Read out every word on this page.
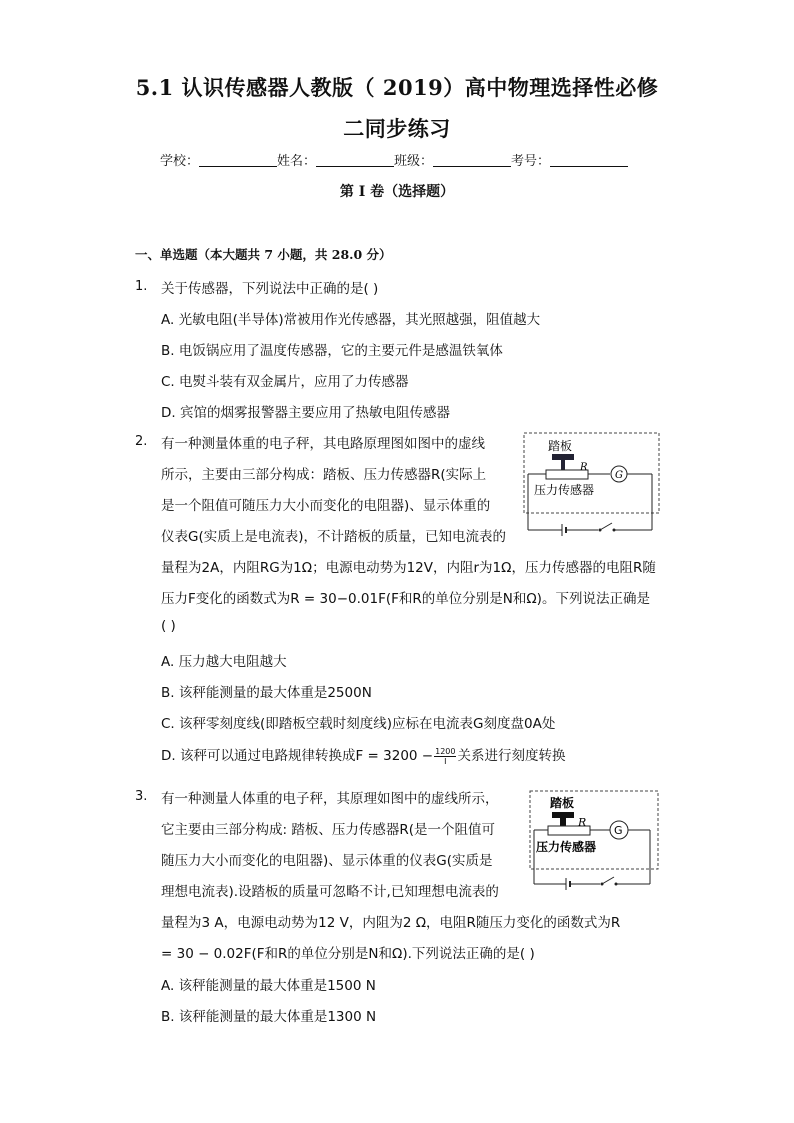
5.1 认识传感器人教版（ 2019）高中物理选择性必修
二同步练习
学校：	姓名：	班级：	考号：
第 I 卷（选择题）
一、单选题（本大题共 7 小题，共 28.0 分）
1. 关于传感器，下列说法中正确的是( )
A. 光敏电阻(半导体)常被用作光传感器，其光照越强，阻值越大
B. 电饭锅应用了温度传感器，它的主要元件是感温铁氧体
C. 电熨斗装有双金属片，应用了力传感器
D. 宾馆的烟雾报警器主要应用了热敏电阻传感器
2. 有一种测量体重的电子秤，其电路原理图如图中的虚线
所示，主要由三部分构成：踏板、压力传感器R(实际上
是一个阻值可随压力大小而变化的电阻器)、显示体重的
仪表G(实质上是电流表)，不计踏板的质量，已知电流表的
量程为2A，内阻RG为1Ω；电源电动势为12V，内阻r为1Ω，压力传感器的电阻R随
压力F变化的函数式为R = 30−0.01F(F和R的单位分别是N和Ω)。下列说法正确是
( )
A. 压力越大电阻越大
B. 该秤能测量的最大体重是2500N
C. 该秤零刻度线(即踏板空载时刻度线)应标在电流表G刻度盘0A处
D. 该秤可以通过电路规律转换成$F = 3200 - \frac{1200}{I}$ 关系进行刻度转换
踏板
R
G
压力传感器
3. 有一种测量人体重的电子秤，其原理如图中的虚线所示，
它主要由三部分构成: 踏板、压力传感器R(是一个阻值可
随压力大小而变化的电阻器)、显示体重的仪表G(实质是
理想电流表).设踏板的质量可忽略不计,已知理想电流表的
量程为3 A，电源电动势为12 V，内阻为2 Ω，电阻R随压力变化的函数式为R
= 30 − 0.02F(F和R的单位分别是N和Ω).下列说法正确的是( )
A. 该秤能测量的最大体重是1500 N
B. 该秤能测量的最大体重是1300 N
踏板
R
G
压力传感器
